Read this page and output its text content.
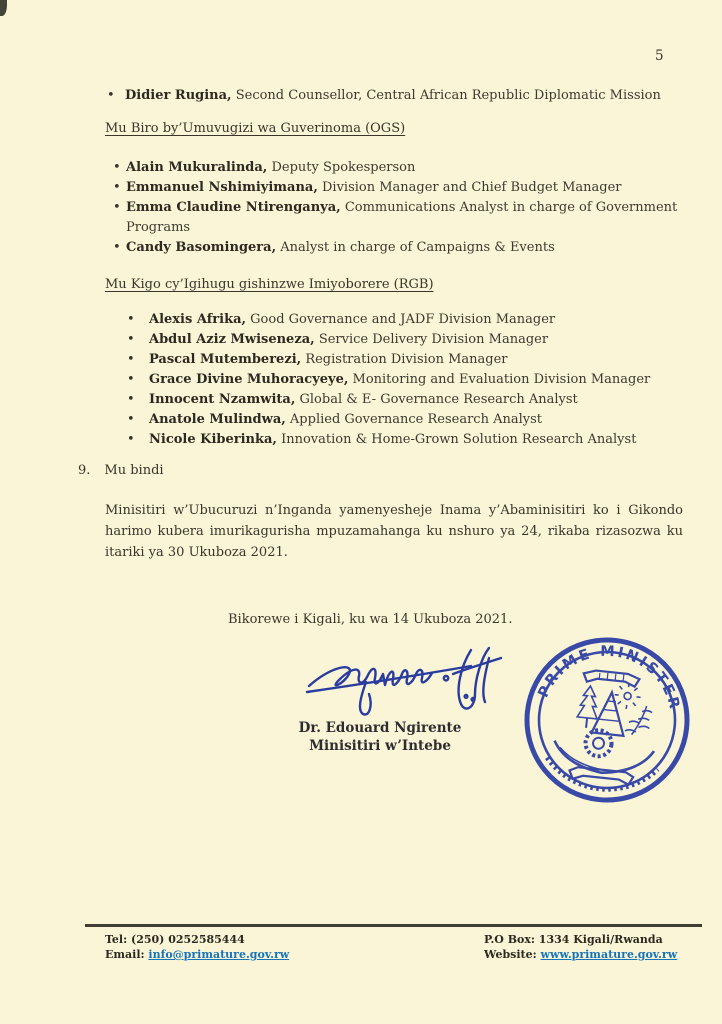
5
• Didier Rugina, Second Counsellor, Central African Republic Diplomatic Mission
Mu Biro by’Umuvugizi wa Guverinoma (OGS)
• Alain Mukuralinda, Deputy Spokesperson
• Emmanuel Nshimiyimana, Division Manager and Chief Budget Manager
• Emma Claudine Ntirenganya, Communications Analyst in charge of Government Programs
• Candy Basomingera, Analyst in charge of Campaigns & Events
Mu Kigo cy’Igihugu gishinzwe Imiyoborere (RGB)
• Alexis Afrika, Good Governance and JADF Division Manager
• Abdul Aziz Mwiseneza, Service Delivery Division Manager
• Pascal Mutemberezi, Registration Division Manager
• Grace Divine Muhoracyeye, Monitoring and Evaluation Division Manager
• Innocent Nzamwita, Global & E- Governance Research Analyst
• Anatole Mulindwa, Applied Governance Research Analyst
• Nicole Kiberinka, Innovation & Home-Grown Solution Research Analyst
9. Mu bindi
Minisitiri w’Ubucuruzi n’Inganda yamenyesheje Inama y’Abaminisitiri ko i Gikondo harimo kubera imurikagurisha mpuzamahanga ku nshuro ya 24, rikaba rizasozwa ku itariki ya 30 Ukuboza 2021.
Bikorewe i Kigali, ku wa 14 Ukuboza 2021.
Dr. Edouard Ngirente
Minisitiri w’Intebe
PRIME MINISTER
Tel: (250) 0252585444
Email: info@primature.gov.rw
P.O Box: 1334 Kigali/Rwanda
Website: www.primature.gov.rw
